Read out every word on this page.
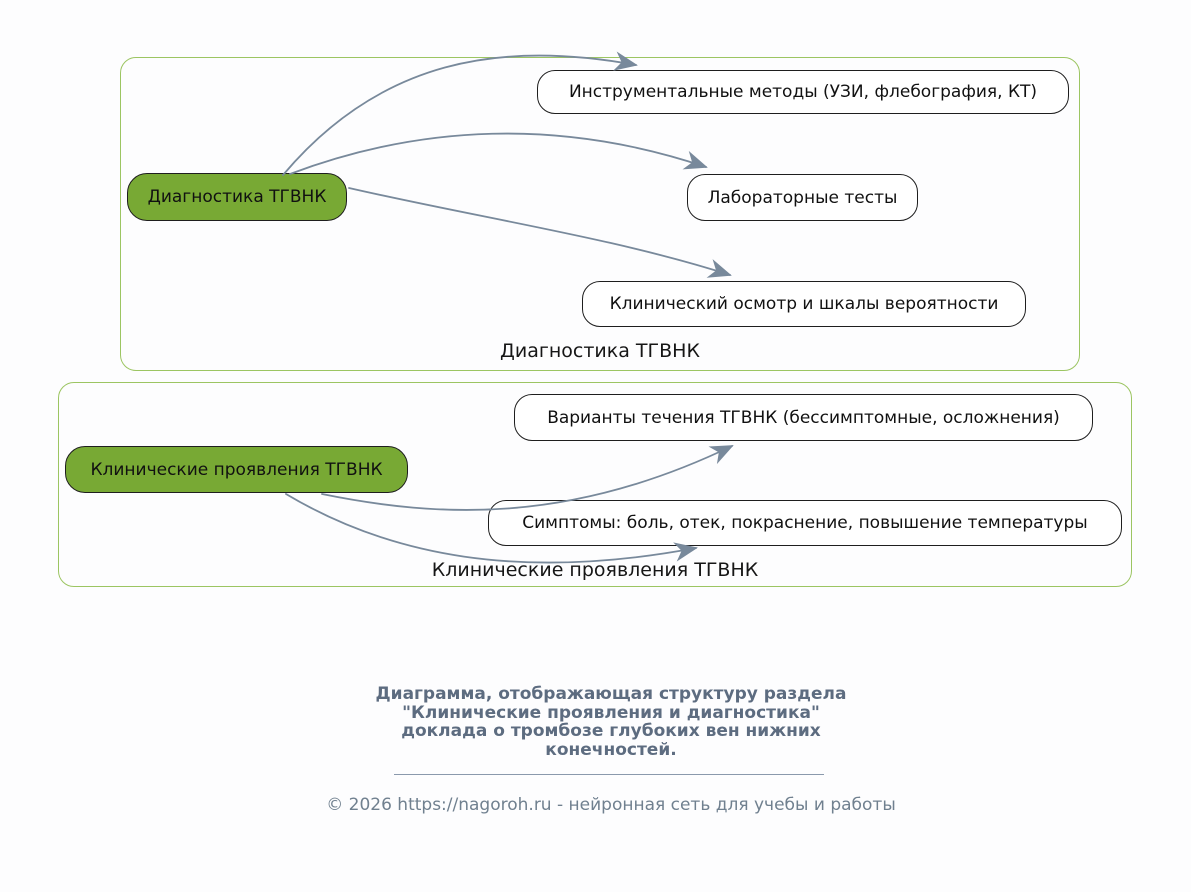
Диагностика ТГВНК
Клинические проявления ТГВНК
Инструментальные методы (УЗИ, флебография, КТ)
Лабораторные тесты
Клинический осмотр и шкалы вероятности
Варианты течения ТГВНК (бессимптомные, осложнения)
Симптомы: боль, отек, покраснение, повышение температуры
Диагностика ТГВНК
Клинические проявления ТГВНК
Диаграмма, отображающая структуру раздела
"Клинические проявления и диагностика"
доклада о тромбозе глубоких вен нижних
конечностей.
© 2026 https://nagoroh.ru - нейронная сеть для учебы и работы
